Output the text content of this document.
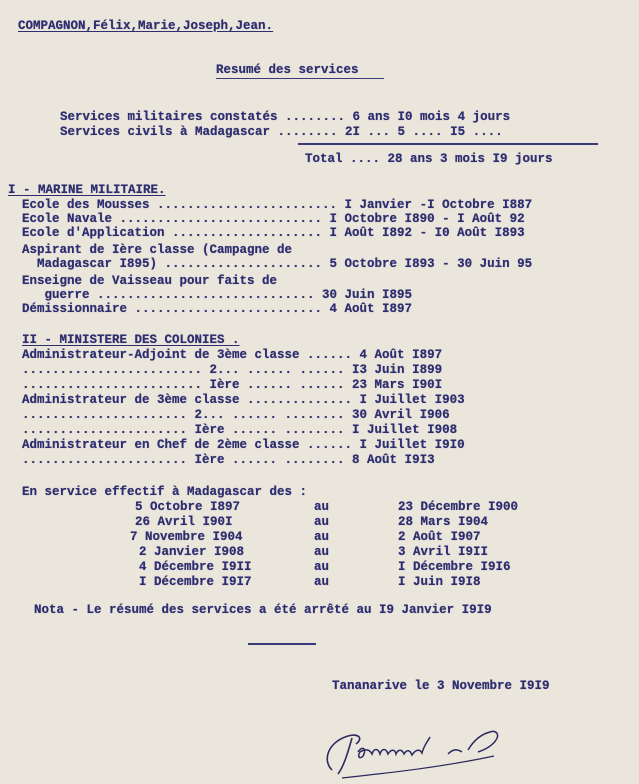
COMPAGNON,Félix,Marie,Joseph,Jean.
Resumé des services
Services militaires constatés ........ 6 ans I0 mois 4 jours
Services civils à Madagascar ........ 2I ... 5 .... I5 ....
Total .... 28 ans 3 mois I9 jours
I - MARINE MILITAIRE.
Ecole des Mousses ........................ I Janvier -I Octobre I887
Ecole Navale ........................... I Octobre I890 - I Août 92
Ecole d'Application .................... I Août I892 - I0 Août I893
Aspirant de Ière classe (Campagne de
Madagascar I895) ..................... 5 Octobre I893 - 30 Juin 95
Enseigne de Vaisseau pour faits de
guerre ............................. 30 Juin I895
Démissionnaire ......................... 4 Août I897
II - MINISTERE DES COLONIES .
Administrateur-Adjoint de 3ème classe ...... 4 Août I897
........................ 2... ...... ...... I3 Juin I899
........................ Ière ...... ...... 23 Mars I90I
Administrateur de 3ème classe .............. I Juillet I903
...................... 2... ...... ........ 30 Avril I906
...................... Ière ...... ........ I Juillet I908
Administrateur en Chef de 2ème classe ...... I Juillet I9I0
...................... Ière ...... ........ 8 Août I9I3
En service effectif à Madagascar des :
5 Octobre I897	au	23 Décembre I900
26 Avril I90I	au	28 Mars I904
7 Novembre I904	au	2 Août I907
2 Janvier I908	au	3 Avril I9II
4 Décembre I9II	au	I Décembre I9I6
I Décembre I9I7	au	I Juin I9I8
Nota - Le résumé des services a été arrêté au I9 Janvier I9I9
Tananarive le 3 Novembre I9I9
Compagnon
